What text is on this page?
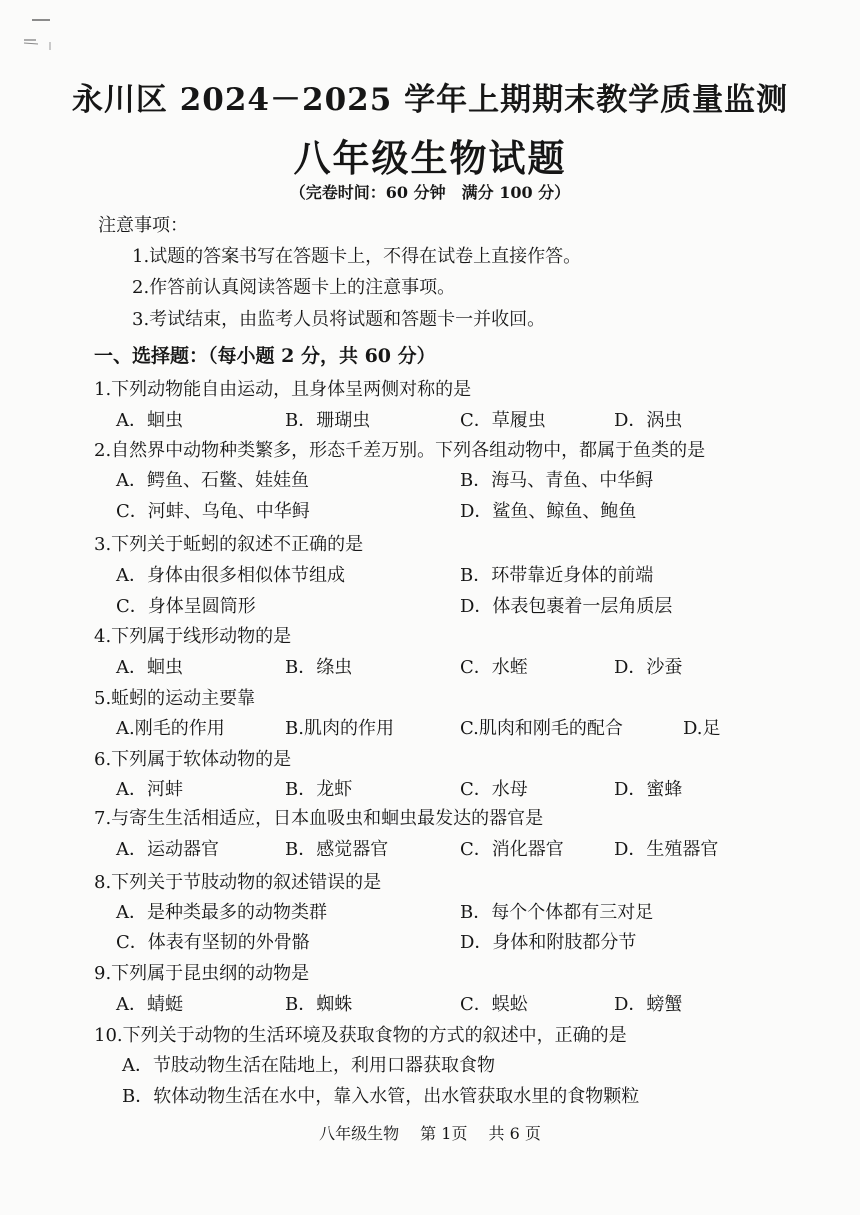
永川区 2024－2025 学年上期期末教学质量监测
八年级生物试题
（完卷时间：60 分钟　满分 100 分）
注意事项：
1.试题的答案书写在答题卡上，不得在试卷上直接作答。
2.作答前认真阅读答题卡上的注意事项。
3.考试结束，由监考人员将试题和答题卡一并收回。
一、选择题：（每小题 2 分，共 60 分）
1.下列动物能自由运动，且身体呈两侧对称的是
A．蛔虫	B．珊瑚虫	C．草履虫	D．涡虫
2.自然界中动物种类繁多，形态千差万别。下列各组动物中，都属于鱼类的是
A．鳄鱼、石鳖、娃娃鱼	B．海马、青鱼、中华鲟
C．河蚌、乌龟、中华鲟	D．鲨鱼、鲸鱼、鲍鱼
3.下列关于蚯蚓的叙述不正确的是
A．身体由很多相似体节组成	B．环带靠近身体的前端
C．身体呈圆筒形	D．体表包裹着一层角质层
4.下列属于线形动物的是
A．蛔虫	B．绦虫	C．水蛭	D．沙蚕
5.蚯蚓的运动主要靠
A.刚毛的作用	B.肌肉的作用	C.肌肉和刚毛的配合	D.足
6.下列属于软体动物的是
A．河蚌	B．龙虾	C．水母	D．蜜蜂
7.与寄生生活相适应，日本血吸虫和蛔虫最发达的器官是
A．运动器官	B．感觉器官	C．消化器官	D．生殖器官
8.下列关于节肢动物的叙述错误的是
A．是种类最多的动物类群	B．每个个体都有三对足
C．体表有坚韧的外骨骼	D．身体和附肢都分节
9.下列属于昆虫纲的动物是
A．蜻蜓	B．蜘蛛	C．蜈蚣	D．螃蟹
10.下列关于动物的生活环境及获取食物的方式的叙述中，正确的是
A．节肢动物生活在陆地上，利用口器获取食物
B．软体动物生活在水中，靠入水管，出水管获取水里的食物颗粒
八年级生物　 第 1页　 共 6 页
